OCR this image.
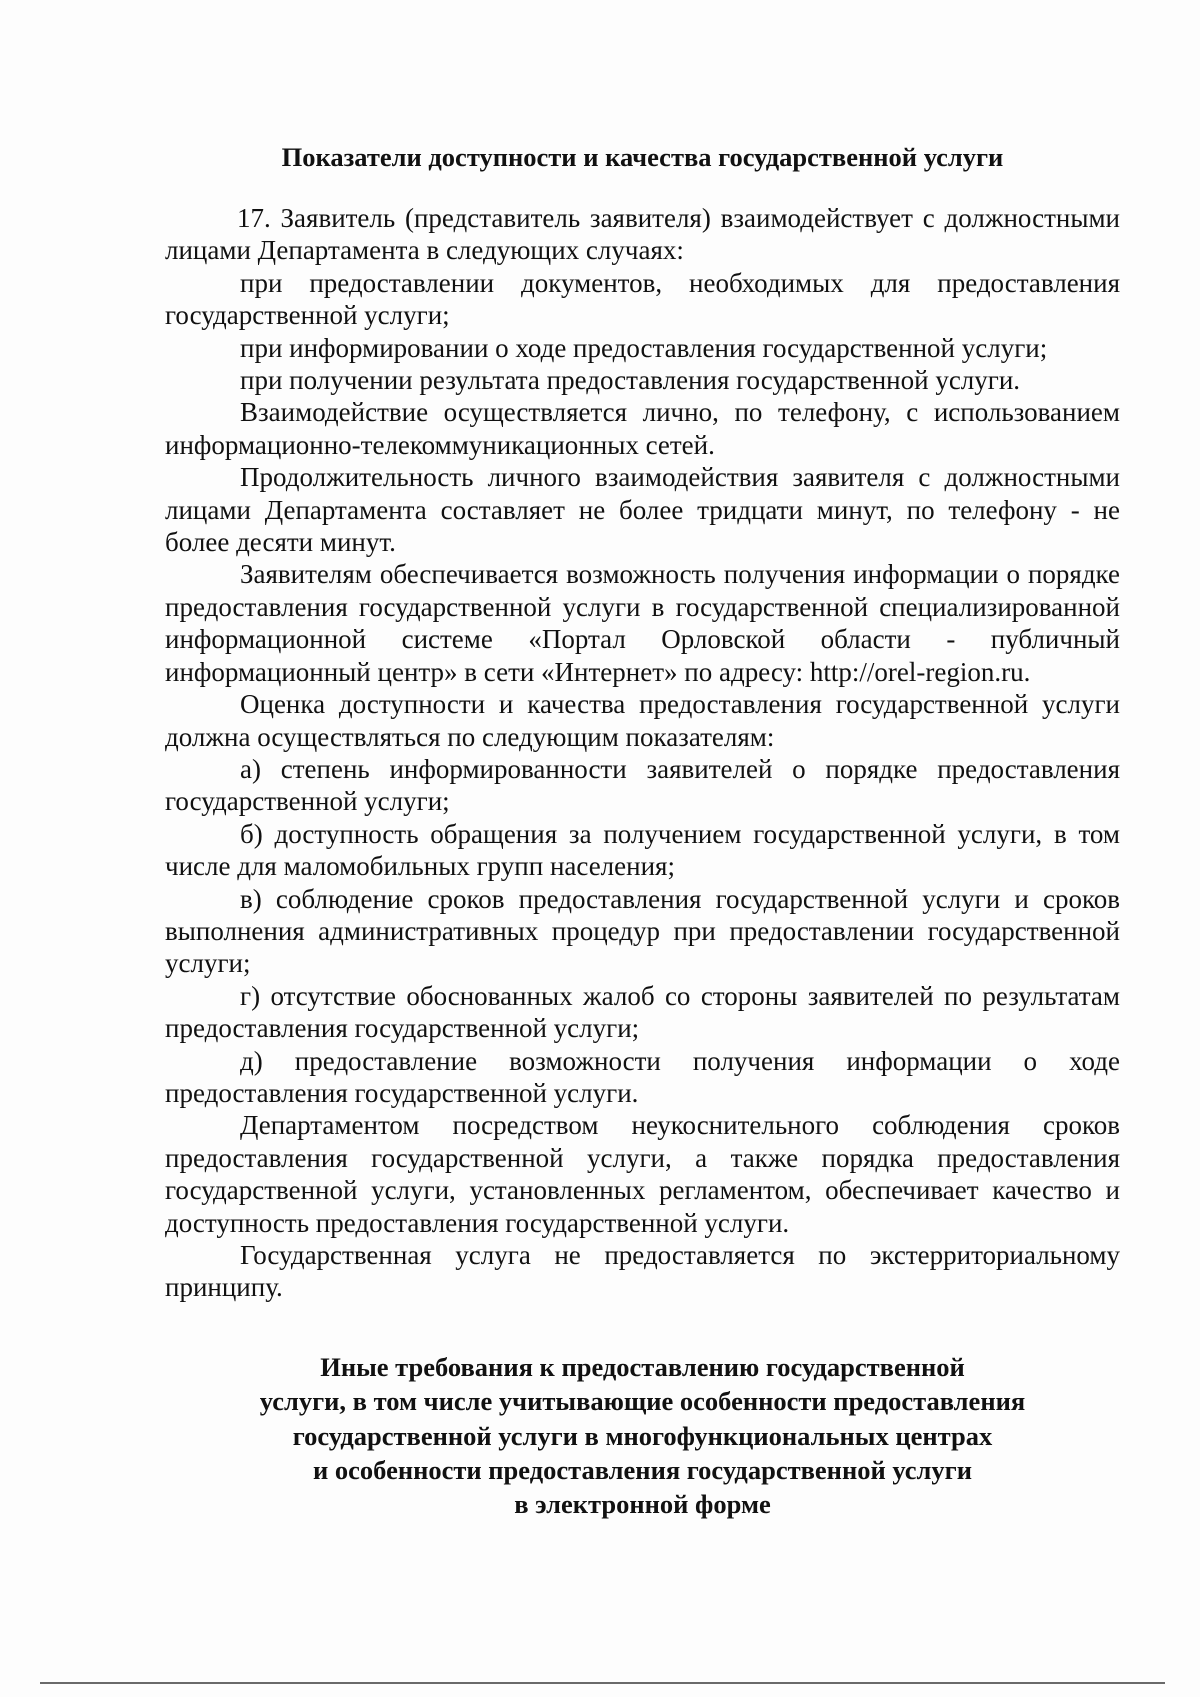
Показатели доступности и качества государственной услуги

17. Заявитель (представитель заявителя) взаимодействует с должностными лицами Департамента в следующих случаях:

при предоставлении документов, необходимых для предоставления государственной услуги;

при информировании о ходе предоставления государственной услуги;

при получении результата предоставления государственной услуги.

Взаимодействие осуществляется лично, по телефону, с использованием информационно-телекоммуникационных сетей.

Продолжительность личного взаимодействия заявителя с должностными лицами Департамента составляет не более тридцати минут, по телефону - не более десяти минут.

Заявителям обеспечивается возможность получения информации о порядке предоставления государственной услуги в государственной специализированной информационной системе «Портал Орловской области - публичный информационный центр» в сети «Интернет» по адресу: http://orel-region.ru.

Оценка доступности и качества предоставления государственной услуги должна осуществляться по следующим показателям:

а) степень информированности заявителей о порядке предоставления государственной услуги;

б) доступность обращения за получением государственной услуги, в том числе для маломобильных групп населения;

в) соблюдение сроков предоставления государственной услуги и сроков выполнения административных процедур при предоставлении государственной услуги;

г) отсутствие обоснованных жалоб со стороны заявителей по результатам предоставления государственной услуги;

д) предоставление возможности получения информации о ходе предоставления государственной услуги.

Департаментом посредством неукоснительного соблюдения сроков предоставления государственной услуги, а также порядка предоставления государственной услуги, установленных регламентом, обеспечивает качество и доступность предоставления государственной услуги.

Государственная услуга не предоставляется по экстерриториальному принципу.

Иные требования к предоставлению государственной
услуги, в том числе учитывающие особенности предоставления
государственной услуги в многофункциональных центрах
и особенности предоставления государственной услуги
в электронной форме
